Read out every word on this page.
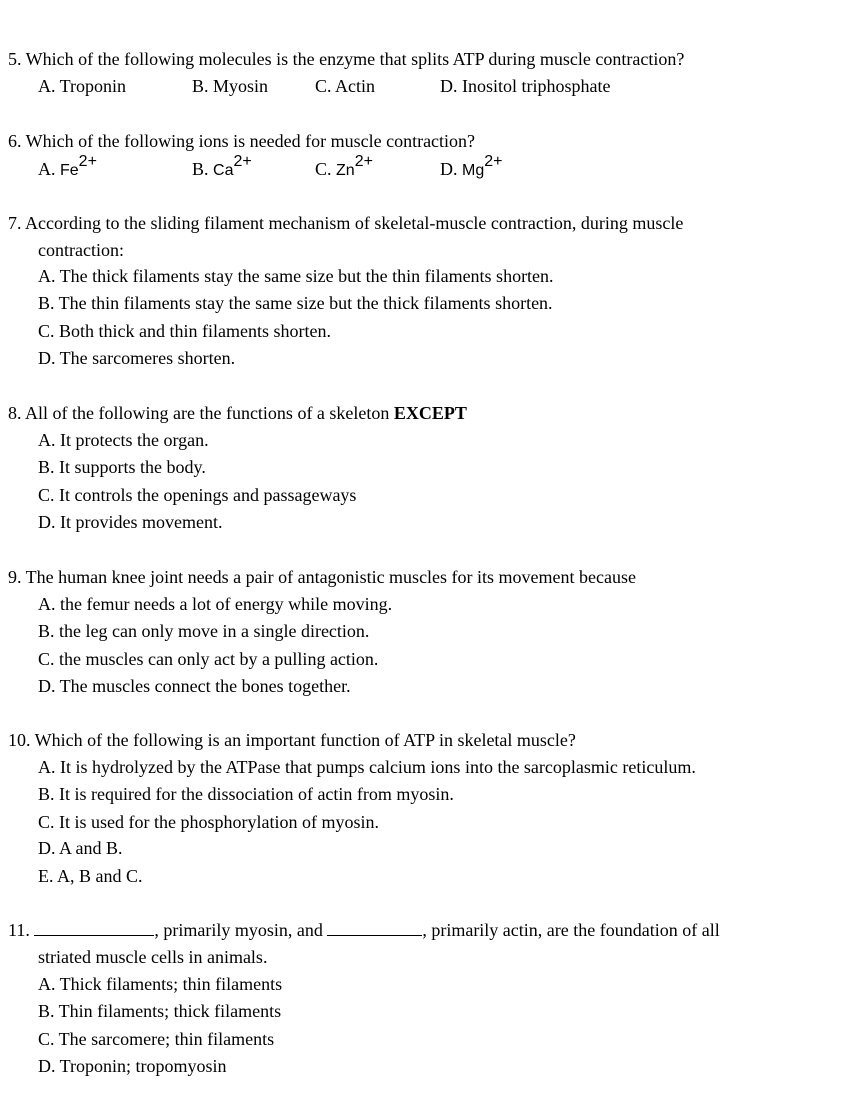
5. Which of the following molecules is the enzyme that splits ATP during muscle contraction?
A. Troponin	B. Myosin	C. Actin	D. Inositol triphosphate
6. Which of the following ions is needed for muscle contraction?
A. $Fe^{2+}$	B. $Ca^{2+}$	C. $Zn^{2+}$	D. $Mg^{2+}$
7. According to the sliding filament mechanism of skeletal-muscle contraction, during muscle
contraction:
A. The thick filaments stay the same size but the thin filaments shorten.
B. The thin filaments stay the same size but the thick filaments shorten.
C. Both thick and thin filaments shorten.
D. The sarcomeres shorten.
8. All of the following are the functions of a skeleton EXCEPT
A. It protects the organ.
B. It supports the body.
C. It controls the openings and passageways
D. It provides movement.
9. The human knee joint needs a pair of antagonistic muscles for its movement because
A. the femur needs a lot of energy while moving.
B. the leg can only move in a single direction.
C. the muscles can only act by a pulling action.
D. The muscles connect the bones together.
10. Which of the following is an important function of ATP in skeletal muscle?
A. It is hydrolyzed by the ATPase that pumps calcium ions into the sarcoplasmic reticulum.
B. It is required for the dissociation of actin from myosin.
C. It is used for the phosphorylation of myosin.
D. A and B.
E. A, B and C.
11.	, primarily myosin, and	, primarily actin, are the foundation of all
striated muscle cells in animals.
A. Thick filaments; thin filaments
B. Thin filaments; thick filaments
C. The sarcomere; thin filaments
D. Troponin; tropomyosin
